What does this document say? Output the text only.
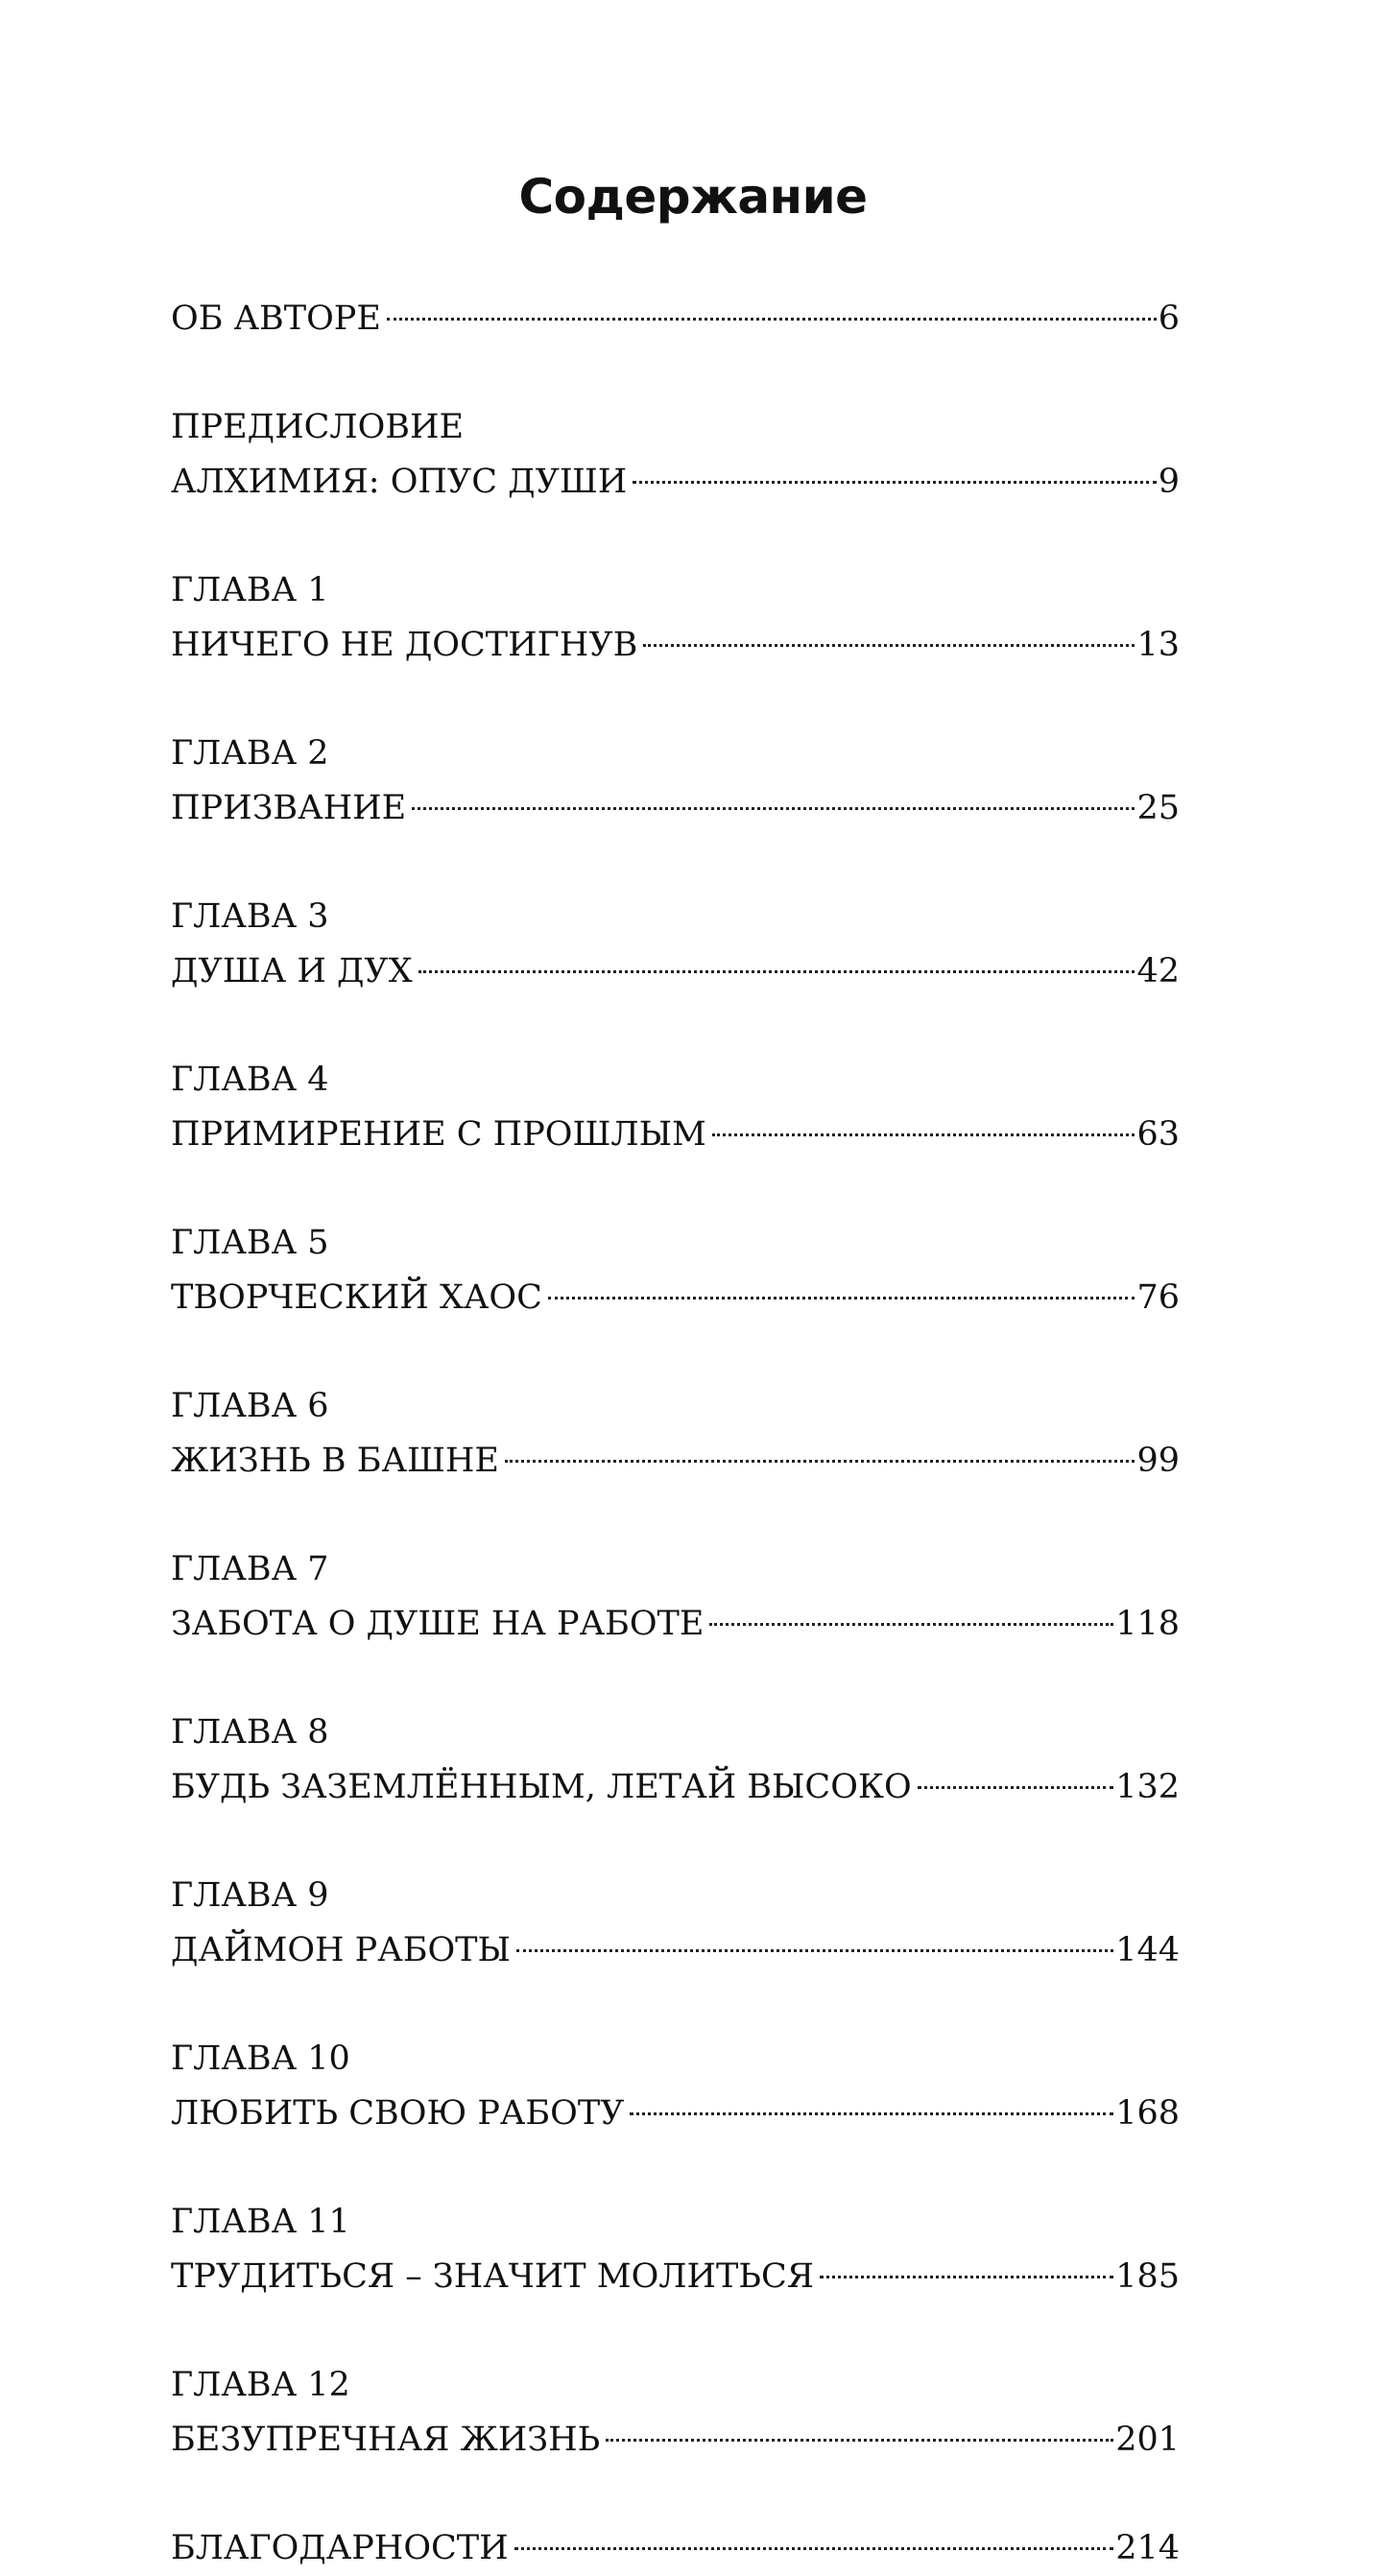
Содержание
ОБ АВТОРЕ	6
ПРЕДИСЛОВИЕ
АЛХИМИЯ: ОПУС ДУШИ	9
ГЛАВА 1
НИЧЕГО НЕ ДОСТИГНУВ	13
ГЛАВА 2
ПРИЗВАНИЕ	25
ГЛАВА 3
ДУША И ДУХ	42
ГЛАВА 4
ПРИМИРЕНИЕ С ПРОШЛЫМ	63
ГЛАВА 5
ТВОРЧЕСКИЙ ХАОС	76
ГЛАВА 6
ЖИЗНЬ В БАШНЕ	99
ГЛАВА 7
ЗАБОТА О ДУШЕ НА РАБОТЕ	118
ГЛАВА 8
БУДЬ ЗАЗЕМЛЁННЫМ, ЛЕТАЙ ВЫСОКО	132
ГЛАВА 9
ДАЙМОН РАБОТЫ	144
ГЛАВА 10
ЛЮБИТЬ СВОЮ РАБОТУ	168
ГЛАВА 11
ТРУДИТЬСЯ – ЗНАЧИТ МОЛИТЬСЯ	185
ГЛАВА 12
БЕЗУПРЕЧНАЯ ЖИЗНЬ	201
БЛАГОДАРНОСТИ	214
